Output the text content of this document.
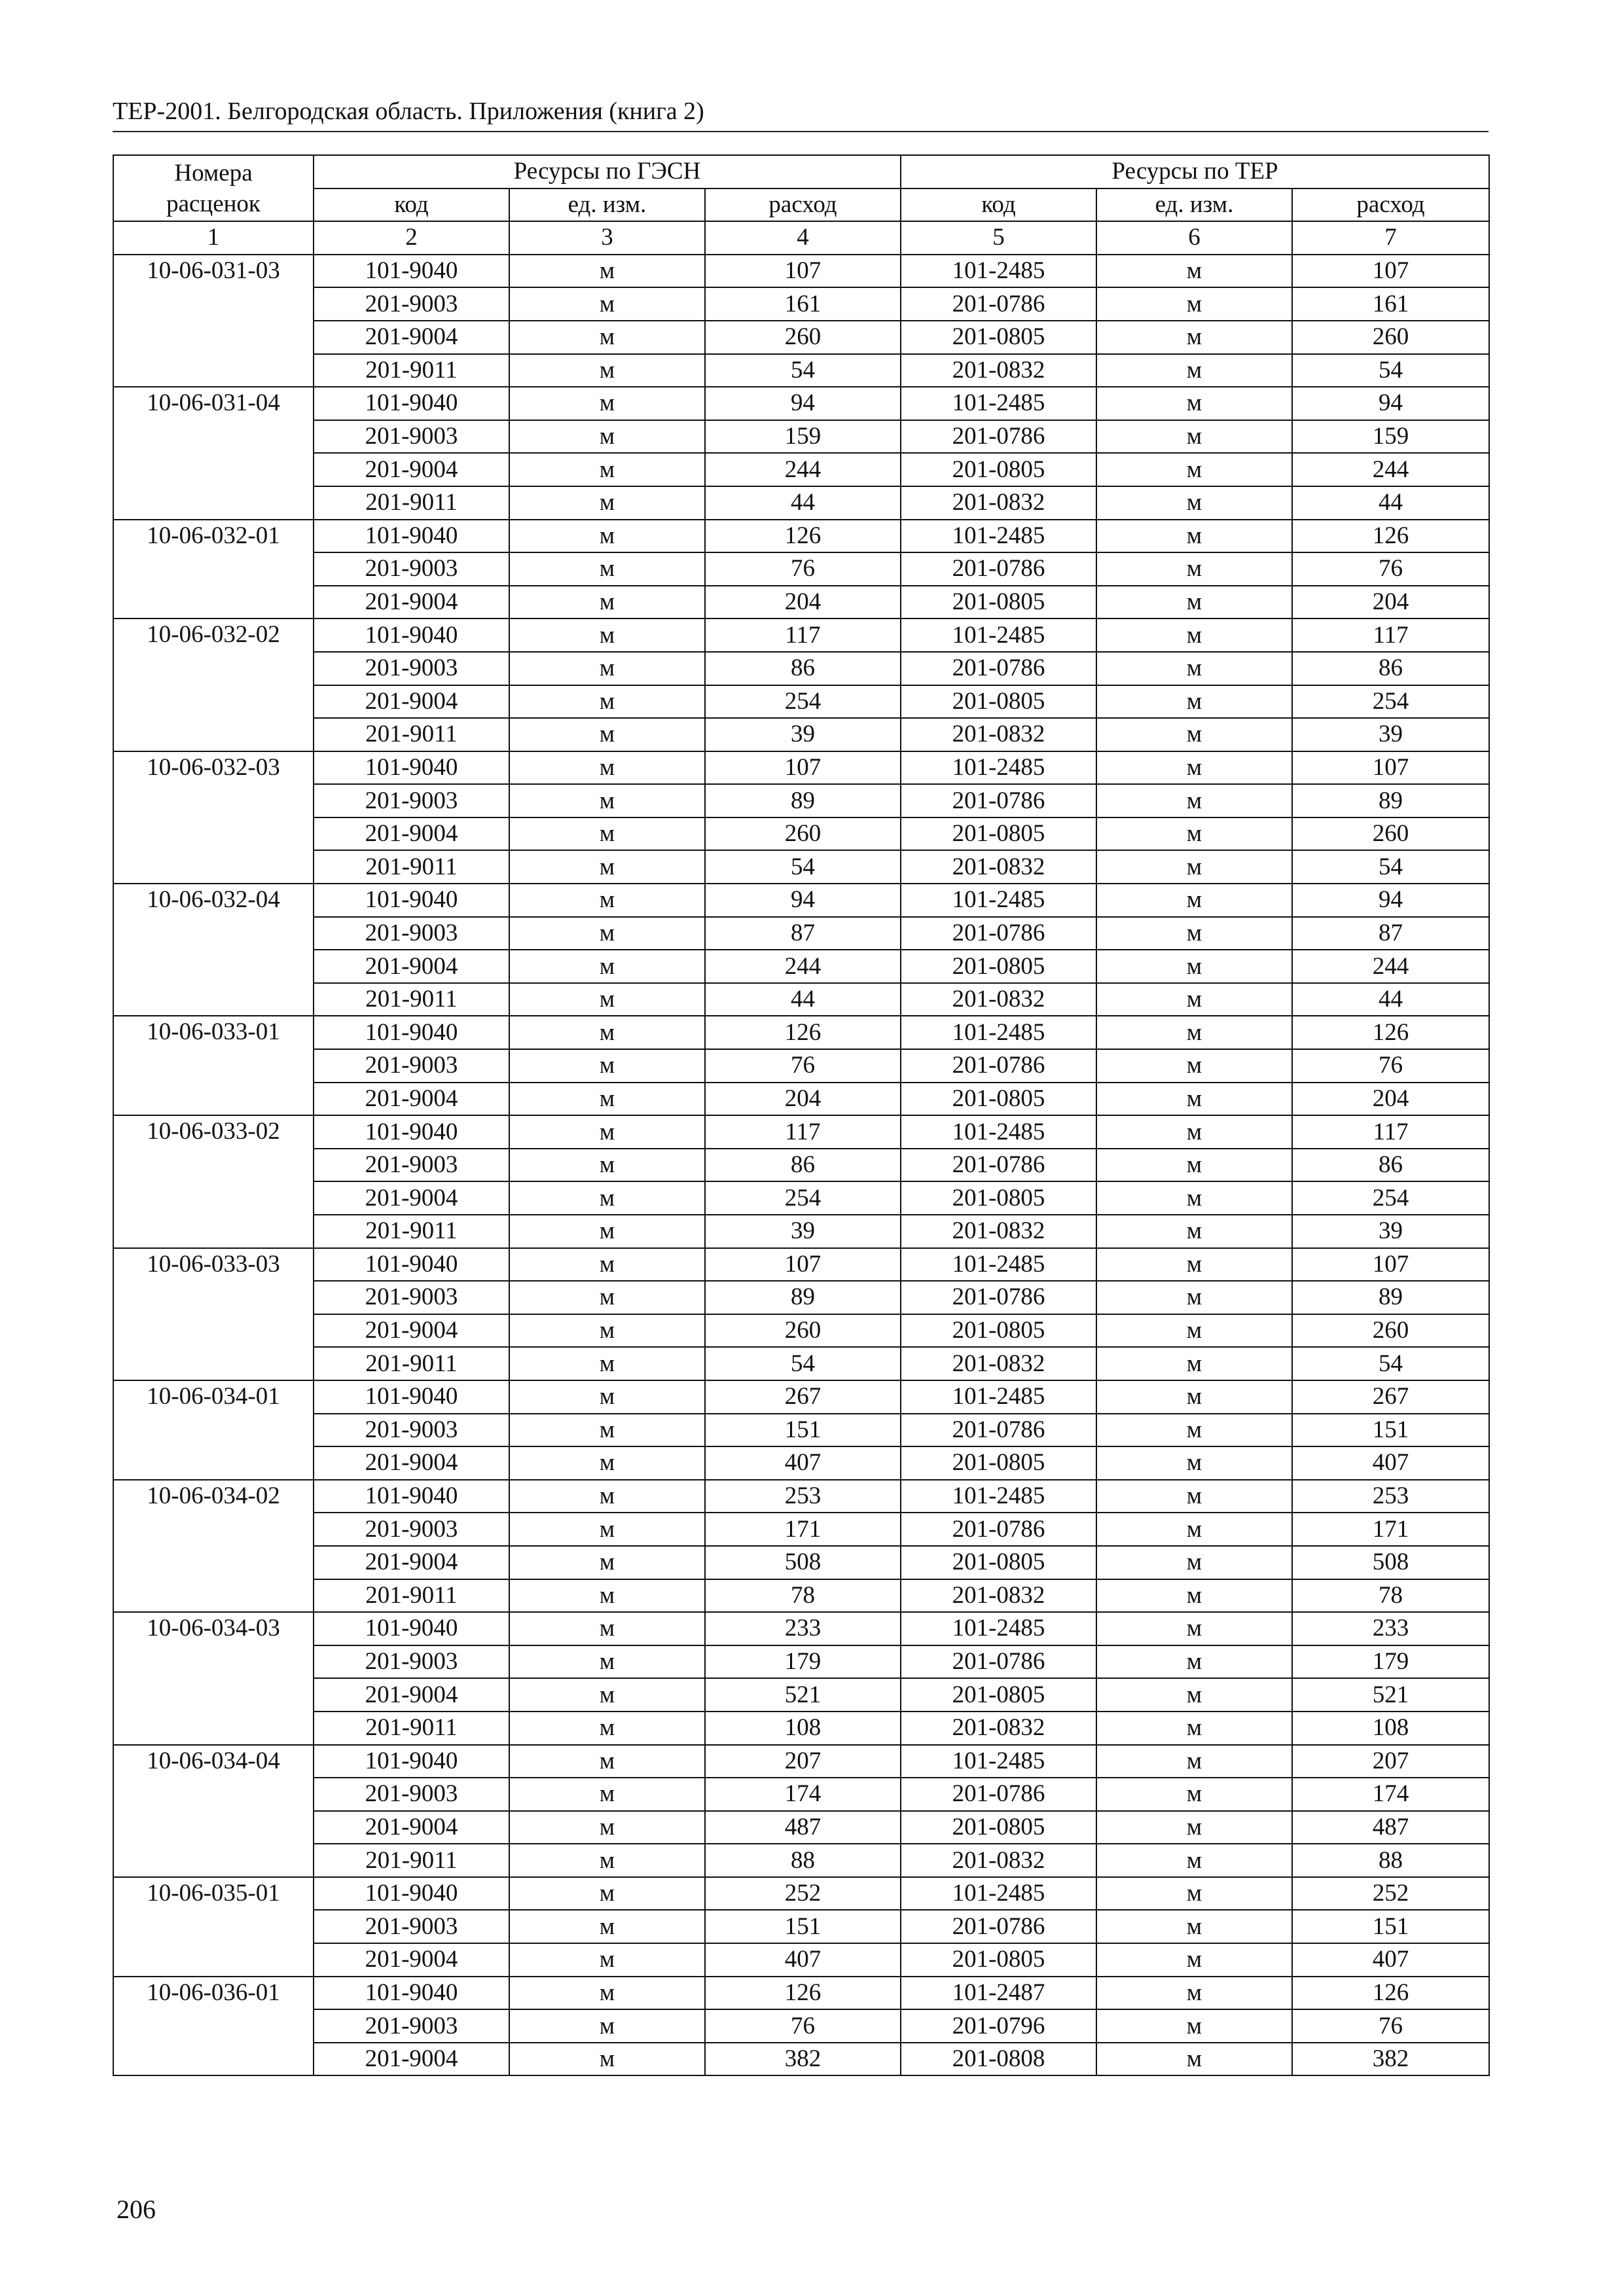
ТЕР-2001. Белгородская область. Приложения (книга 2)
Номера расценок	Ресурсы по ГЭСН			Ресурсы по ТЕР		
	код	ед. изм.	расход	код	ед. изм.	расход
1	2	3	4	5	6	7
10-06-031-03	101-9040	м	107	101-2485	м	107
	201-9003	м	161	201-0786	м	161
	201-9004	м	260	201-0805	м	260
	201-9011	м	54	201-0832	м	54
10-06-031-04	101-9040	м	94	101-2485	м	94
	201-9003	м	159	201-0786	м	159
	201-9004	м	244	201-0805	м	244
	201-9011	м	44	201-0832	м	44
10-06-032-01	101-9040	м	126	101-2485	м	126
	201-9003	м	76	201-0786	м	76
	201-9004	м	204	201-0805	м	204
10-06-032-02	101-9040	м	117	101-2485	м	117
	201-9003	м	86	201-0786	м	86
	201-9004	м	254	201-0805	м	254
	201-9011	м	39	201-0832	м	39
10-06-032-03	101-9040	м	107	101-2485	м	107
	201-9003	м	89	201-0786	м	89
	201-9004	м	260	201-0805	м	260
	201-9011	м	54	201-0832	м	54
10-06-032-04	101-9040	м	94	101-2485	м	94
	201-9003	м	87	201-0786	м	87
	201-9004	м	244	201-0805	м	244
	201-9011	м	44	201-0832	м	44
10-06-033-01	101-9040	м	126	101-2485	м	126
	201-9003	м	76	201-0786	м	76
	201-9004	м	204	201-0805	м	204
10-06-033-02	101-9040	м	117	101-2485	м	117
	201-9003	м	86	201-0786	м	86
	201-9004	м	254	201-0805	м	254
	201-9011	м	39	201-0832	м	39
10-06-033-03	101-9040	м	107	101-2485	м	107
	201-9003	м	89	201-0786	м	89
	201-9004	м	260	201-0805	м	260
	201-9011	м	54	201-0832	м	54
10-06-034-01	101-9040	м	267	101-2485	м	267
	201-9003	м	151	201-0786	м	151
	201-9004	м	407	201-0805	м	407
10-06-034-02	101-9040	м	253	101-2485	м	253
	201-9003	м	171	201-0786	м	171
	201-9004	м	508	201-0805	м	508
	201-9011	м	78	201-0832	м	78
10-06-034-03	101-9040	м	233	101-2485	м	233
	201-9003	м	179	201-0786	м	179
	201-9004	м	521	201-0805	м	521
	201-9011	м	108	201-0832	м	108
10-06-034-04	101-9040	м	207	101-2485	м	207
	201-9003	м	174	201-0786	м	174
	201-9004	м	487	201-0805	м	487
	201-9011	м	88	201-0832	м	88
10-06-035-01	101-9040	м	252	101-2485	м	252
	201-9003	м	151	201-0786	м	151
	201-9004	м	407	201-0805	м	407
10-06-036-01	101-9040	м	126	101-2487	м	126
	201-9003	м	76	201-0796	м	76
	201-9004	м	382	201-0808	м	382
206
